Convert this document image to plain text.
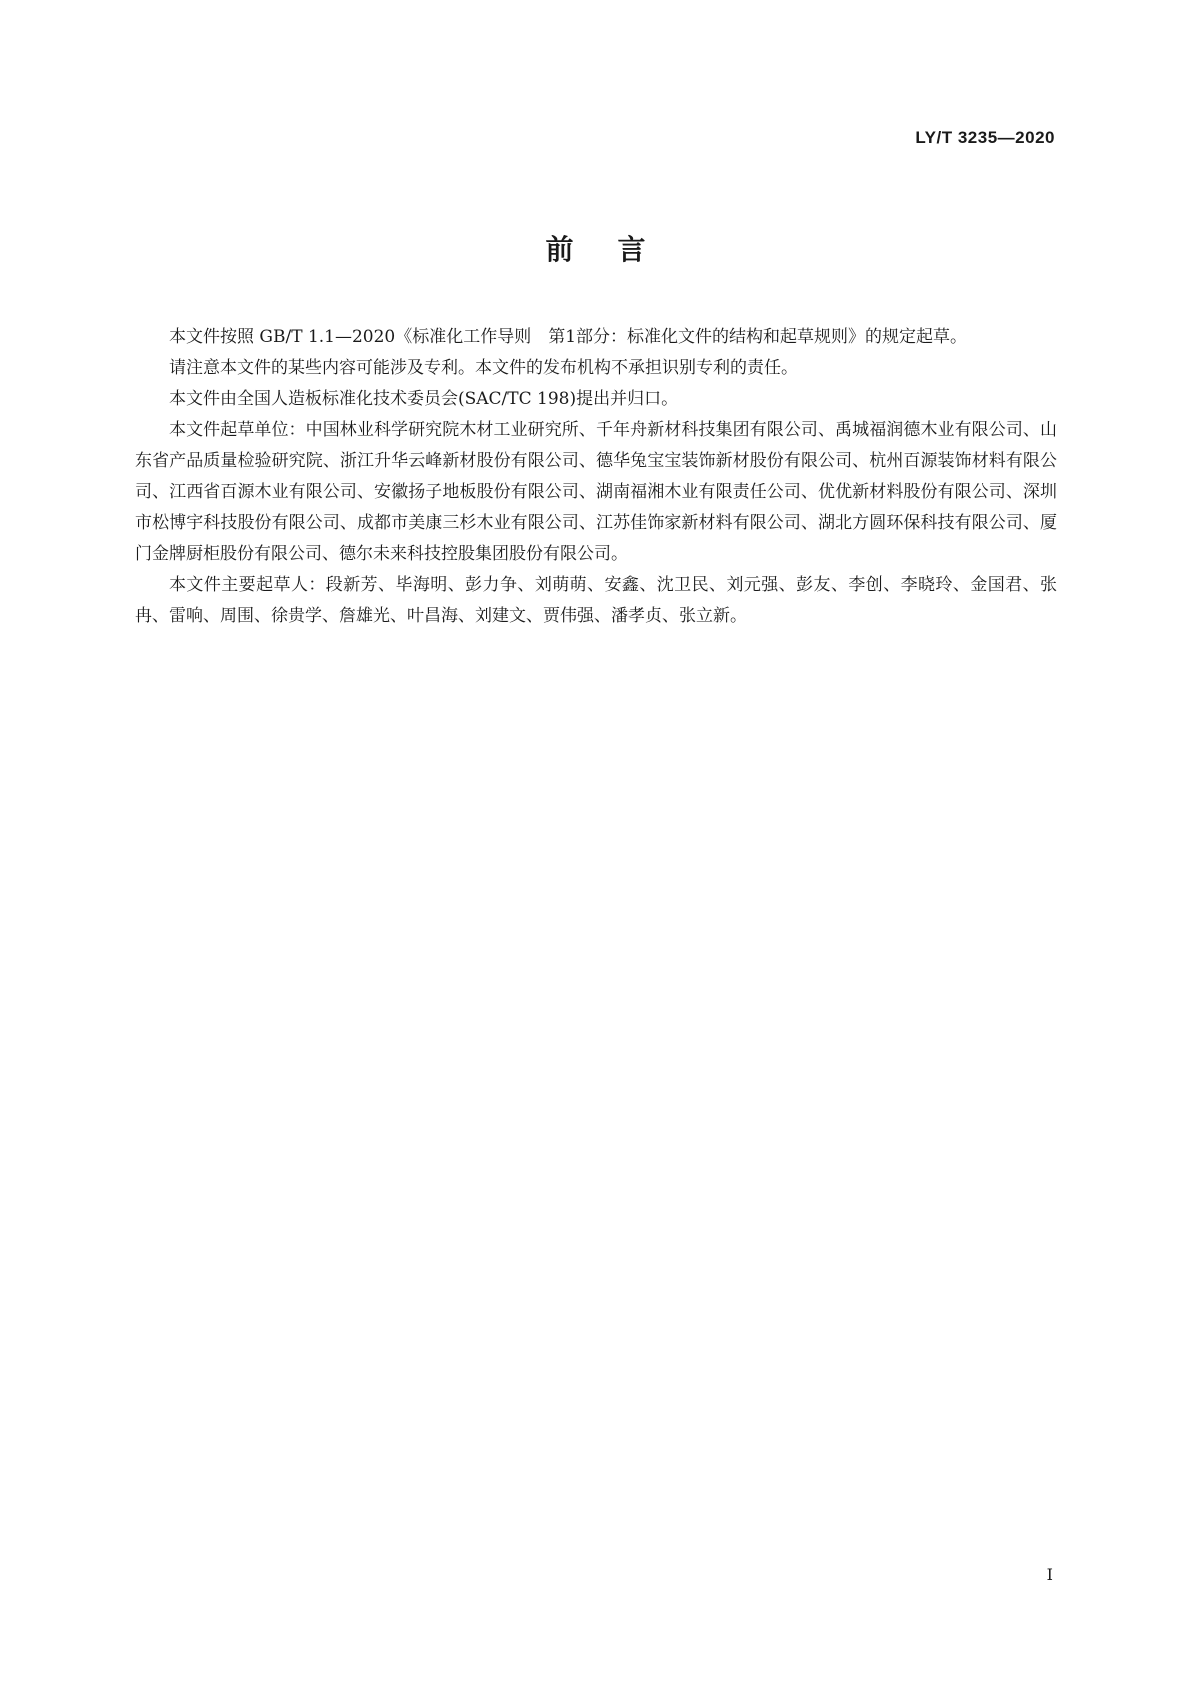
LY/T 3235—2020
前言

本文件按照 GB/T 1.1—2020《标准化工作导则　第1部分：标准化文件的结构和起草规则》的规定起草。

请注意本文件的某些内容可能涉及专利。本文件的发布机构不承担识别专利的责任。

本文件由全国人造板标准化技术委员会(SAC/TC 198)提出并归口。

本文件起草单位：中国林业科学研究院木材工业研究所、千年舟新材科技集团有限公司、禹城福润德木业有限公司、山东省产品质量检验研究院、浙江升华云峰新材股份有限公司、德华兔宝宝装饰新材股份有限公司、杭州百源装饰材料有限公司、江西省百源木业有限公司、安徽扬子地板股份有限公司、湖南福湘木业有限责任公司、优优新材料股份有限公司、深圳市松博宇科技股份有限公司、成都市美康三杉木业有限公司、江苏佳饰家新材料有限公司、湖北方圆环保科技有限公司、厦门金牌厨柜股份有限公司、德尔未来科技控股集团股份有限公司。

本文件主要起草人：段新芳、毕海明、彭力争、刘萌萌、安鑫、沈卫民、刘元强、彭友、李创、李晓玲、金国君、张冉、雷响、周围、徐贵学、詹雄光、叶昌海、刘建文、贾伟强、潘孝贞、张立新。

I
